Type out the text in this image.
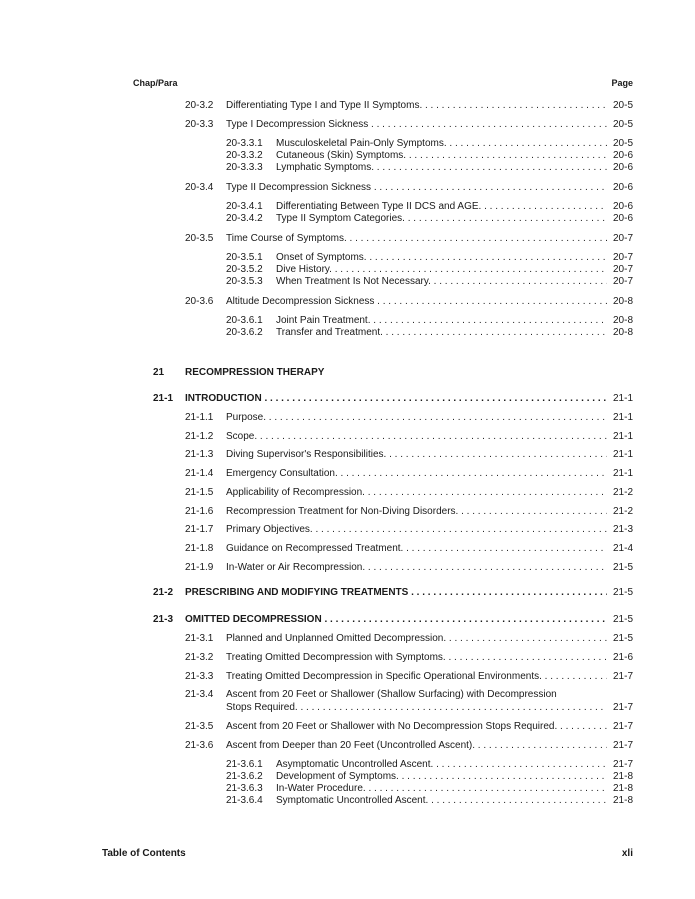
Chap/Para	Page
21 RECOMPRESSION THERAPY
20-3.2 Differentiating Type I and Type II Symptoms. . . .	20-5
20-3.3 Type I Decompression Sickness . . .	20-5
20-3.3.1 Musculoskeletal Pain-Only Symptoms. . . .	20-5
20-3.3.2 Cutaneous (Skin) Symptoms. . . .	20-6
20-3.3.3 Lymphatic Symptoms. . . .	20-6
20-3.4 Type II Decompression Sickness . . .	20-6
20-3.4.1 Differentiating Between Type II DCS and AGE. . . .	20-6
20-3.4.2 Type II Symptom Categories. . . .	20-6
20-3.5 Time Course of Symptoms. . . .	20-7
20-3.5.1 Onset of Symptoms. . . .	20-7
20-3.5.2 Dive History. . . .	20-7
20-3.5.3 When Treatment Is Not Necessary. . . .	20-7
20-3.6 Altitude Decompression Sickness . . .	20-8
20-3.6.1 Joint Pain Treatment. . . .	20-8
20-3.6.2 Transfer and Treatment. . . .	20-8
21-1 INTRODUCTION . . .	21-1
21-1.1 Purpose. . . .	21-1
21-1.2 Scope. . . .	21-1
21-1.3 Diving Supervisor's Responsibilities. . . .	21-1
21-1.4 Emergency Consultation. . . .	21-1
21-1.5 Applicability of Recompression. . . .	21-2
21-1.6 Recompression Treatment for Non-Diving Disorders. . . .	21-2
21-1.7 Primary Objectives. . . .	21-3
21-1.8 Guidance on Recompressed Treatment. . . .	21-4
21-1.9 In-Water or Air Recompression. . . .	21-5
21-2 PRESCRIBING AND MODIFYING TREATMENTS . . .	21-5
21-3 OMITTED DECOMPRESSION . . .	21-5
21-3.1 Planned and Unplanned Omitted Decompression. . . .	21-5
21-3.2 Treating Omitted Decompression with Symptoms. . . .	21-6
21-3.3 Treating Omitted Decompression in Specific Operational Environments. . . .	21-7
21-3.4 Ascent from 20 Feet or Shallower (Shallow Surfacing) with Decompression
Stops Required. . . .	21-7
21-3.5 Ascent from 20 Feet or Shallower with No Decompression Stops Required. . . .	21-7
21-3.6 Ascent from Deeper than 20 Feet (Uncontrolled Ascent). . . .	21-7
21-3.6.1 Asymptomatic Uncontrolled Ascent. . . .	21-7
21-3.6.2 Development of Symptoms. . . .	21-8
21-3.6.3 In-Water Procedure. . . .	21-8
21-3.6.4 Symptomatic Uncontrolled Ascent. . . .	21-8
Table of Contents	xli
